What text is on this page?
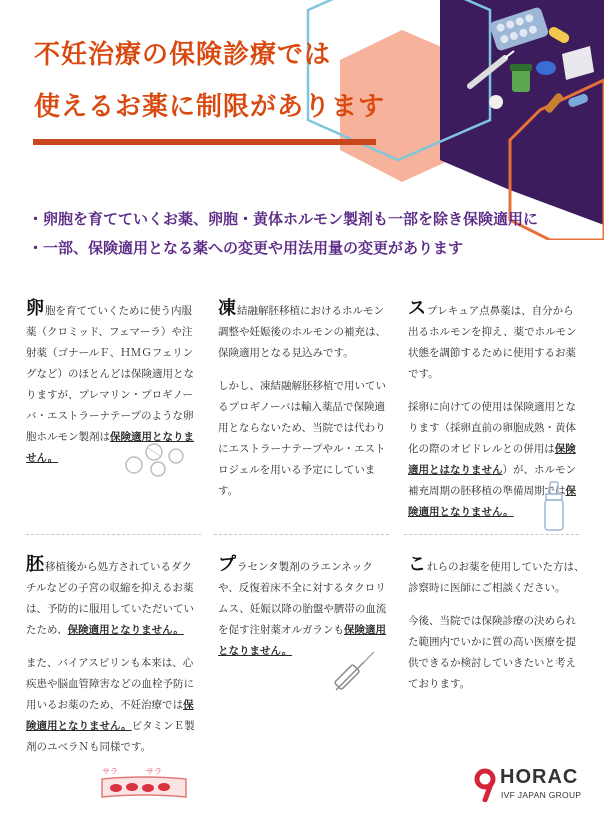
不妊治療の保険診療では
使えるお薬に制限があります
・卵胞を育てていくお薬、卵胞・黄体ホルモン製剤も一部を除き保険適用に
・一部、保険適用となる薬への変更や用法用量の変更があります

卵胞を育てていくために使う内服薬（クロミッド、フェマーラ）や注射薬（ゴナールＦ、ＨＭＧフェリングなど）のほとんどは保険適用となりますが、プレマリン・プロギノーバ・エストラーナテープのような卵胞ホルモン製剤は保険適用となりません。

凍結融解胚移植におけるホルモン調整や妊娠後のホルモンの補充は、保険適用となる見込みです。

しかし、凍結融解胚移植で用いているプロギノーバは輸入薬品で保険適用とならないため、当院では代わりにエストラーナテープやル・エストロジェルを用いる予定にしています。

スプレキュア点鼻薬は、自分から出るホルモンを抑え、薬でホルモン状態を調節するために使用するお薬です。

採卵に向けての使用は保険適用となります（採卵直前の卵胞成熟・黄体化の際のオビドレルとの併用は保険適用とはなりません）が、ホルモン補充周期の胚移植の準備周期では保険適用となりません。

胚移植後から処方されているダクチルなどの子宮の収縮を抑えるお薬は、予防的に服用していただいていたため、保険適用となりません。

また、バイアスピリンも本来は、心疾患や脳血管障害などの血栓予防に用いるお薬のため、不妊治療では保険適用となりません。ビタミンＥ製剤のユベラＮも同様です。

サラ	サラ

プラセンタ製剤のラエンネックや、反復着床不全に対するタクロリムス、妊娠以降の胎盤や臍帯の血流を促す注射薬オルガランも保険適用となりません。

これらのお薬を使用していた方は、診察時に医師にご相談ください。

今後、当院では保険診療の決められた範囲内でいかに質の高い医療を提供できるか検討していきたいと考えております。

HORAC
IVF JAPAN GROUP
